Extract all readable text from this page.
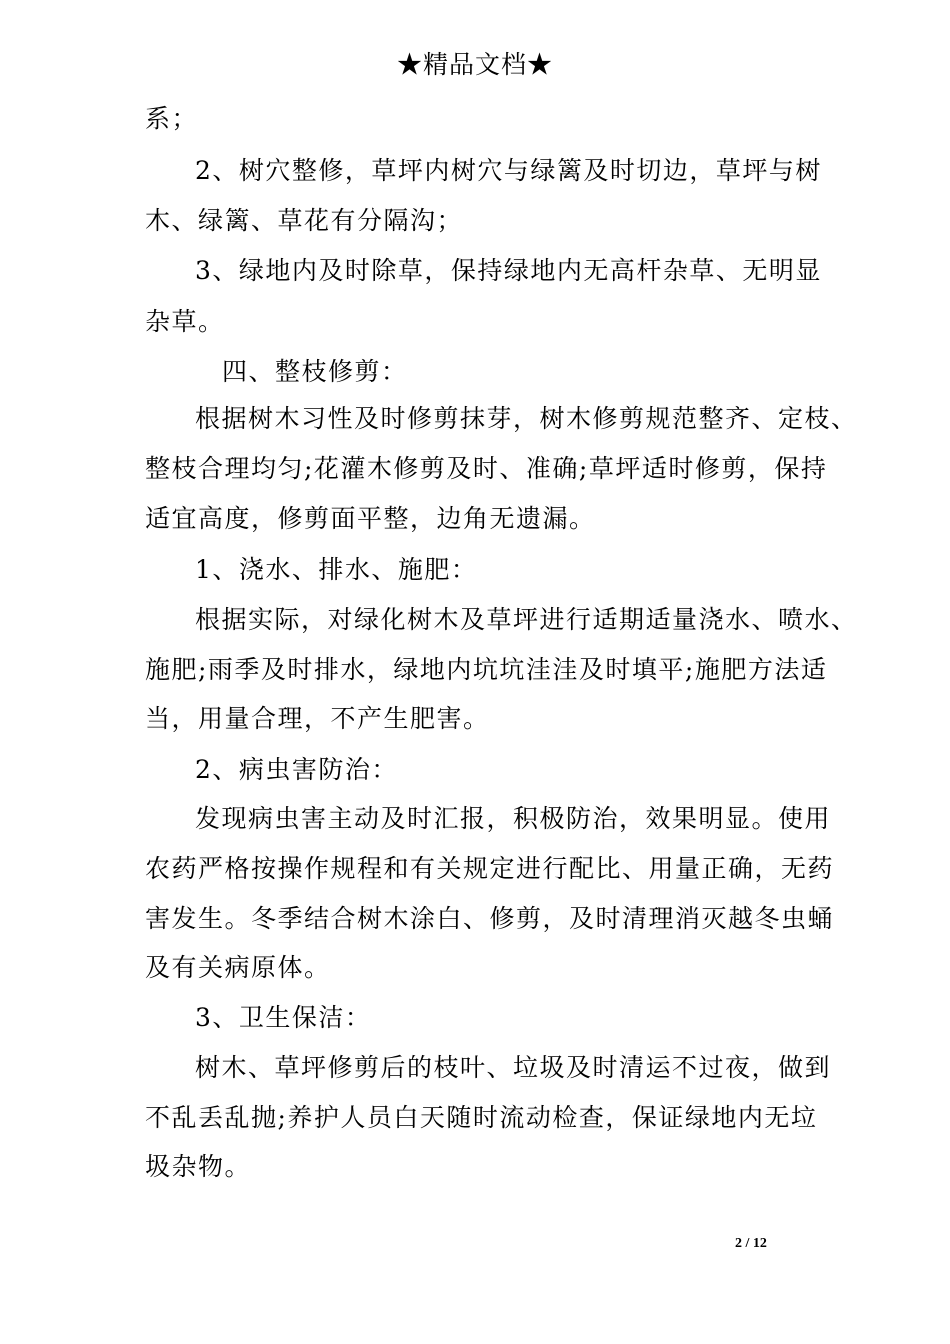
★精品文档★
系；
2、树穴整修，草坪内树穴与绿篱及时切边，草坪与树
木、绿篱、草花有分隔沟；
3、绿地内及时除草，保持绿地内无高杆杂草、无明显
杂草。
四、整枝修剪：
根据树木习性及时修剪抹芽，树木修剪规范整齐、定枝、
整枝合理均匀;花灌木修剪及时、准确;草坪适时修剪，保持
适宜高度，修剪面平整，边角无遗漏。
1、浇水、排水、施肥：
根据实际，对绿化树木及草坪进行适期适量浇水、喷水、
施肥;雨季及时排水，绿地内坑坑洼洼及时填平;施肥方法适
当，用量合理，不产生肥害。
2、病虫害防治：
发现病虫害主动及时汇报，积极防治，效果明显。使用
农药严格按操作规程和有关规定进行配比、用量正确，无药
害发生。冬季结合树木涂白、修剪，及时清理消灭越冬虫蛹
及有关病原体。
3、卫生保洁：
树木、草坪修剪后的枝叶、垃圾及时清运不过夜，做到
不乱丢乱抛;养护人员白天随时流动检查，保证绿地内无垃
圾杂物。
2 / 12
